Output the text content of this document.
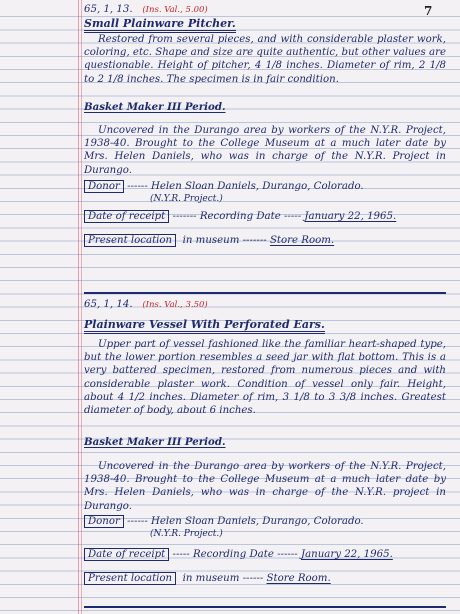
7
65, 1, 13. (Ins. Val., 5.00)
Small Plainware Pitcher.
Restored from several pieces, and with considerable plaster work, coloring, etc. Shape and size are quite authentic, but other values are questionable. Height of pitcher, 4 1/8 inches. Diameter of rim, 2 1/8 to 2 1/8 inches. The specimen is in fair condition.
Basket Maker III Period.
Uncovered in the Durango area by workers of the N.Y.R. Project, 1938-40. Brought to the College Museum at a much later date by Mrs. Helen Daniels, who was in charge of the N.Y.R. Project in Durango.
Donor ------ Helen Sloan Daniels, Durango, Colorado.
(N.Y.R. Project.)
Date of receipt ------- Recording Date ----- January 22, 1965.
Present location in museum ------- Store Room.
65, 1, 14. (Ins. Val., 3.50)
Plainware Vessel With Perforated Ears.
Upper part of vessel fashioned like the familiar heart-shaped type, but the lower portion resembles a seed jar with flat bottom. This is a very battered specimen, restored from numerous pieces and with considerable plaster work. Condition of vessel only fair. Height, about 4 1/2 inches. Diameter of rim, 3 1/8 to 3 3/8 inches. Greatest diameter of body, about 6 inches.
Basket Maker III Period.
Uncovered in the Durango area by workers of the N.Y.R. Project, 1938-40. Brought to the College Museum at a much later date by Mrs. Helen Daniels, who was in charge of the N.Y.R. project in Durango.
Donor ------ Helen Sloan Daniels, Durango, Colorado.
(N.Y.R. Project.)
Date of receipt ----- Recording Date ------ January 22, 1965.
Present location in museum ------ Store Room.
